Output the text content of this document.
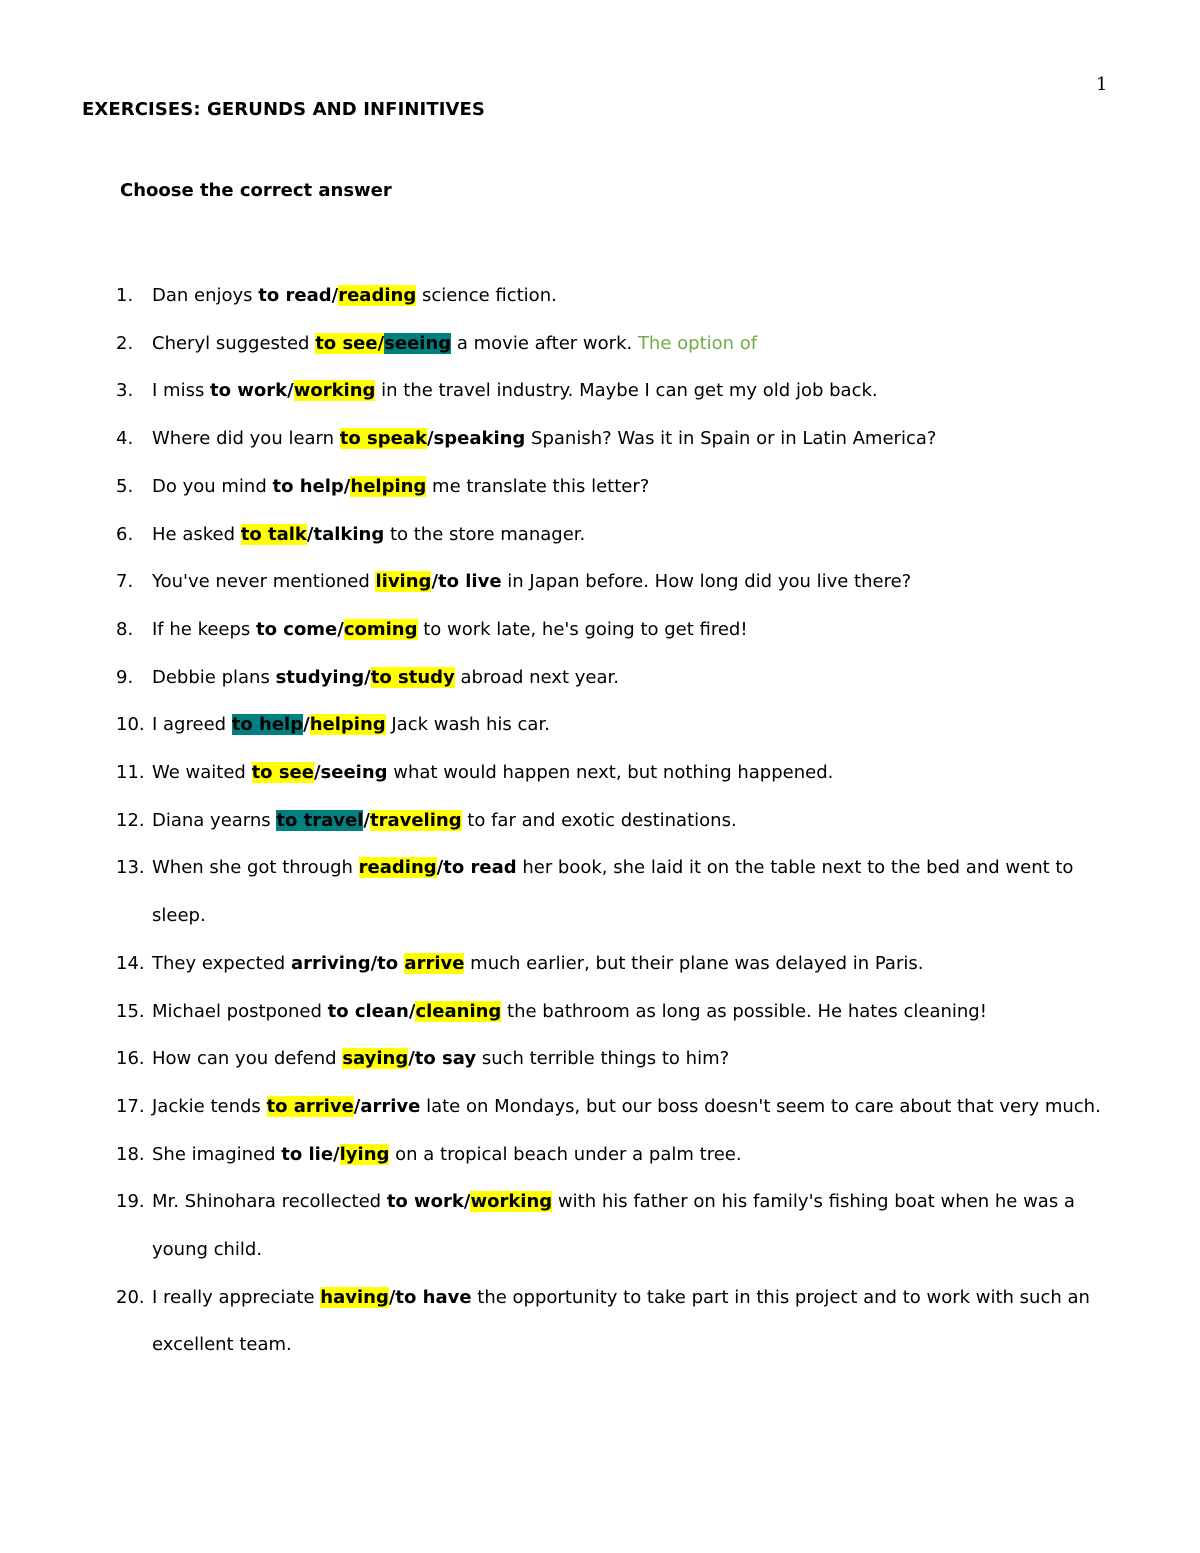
1
EXERCISES: GERUNDS AND INFINITIVES
Choose the correct answer
1. Dan enjoys to read/reading science fiction.
2. Cheryl suggested to see/seeing a movie after work. The option of
3. I miss to work/working in the travel industry. Maybe I can get my old job back.
4. Where did you learn to speak/speaking Spanish? Was it in Spain or in Latin America?
5. Do you mind to help/helping me translate this letter?
6. He asked to talk/talking to the store manager.
7. You've never mentioned living/to live in Japan before. How long did you live there?
8. If he keeps to come/coming to work late, he's going to get fired!
9. Debbie plans studying/to study abroad next year.
10. I agreed to help/helping Jack wash his car.
11. We waited to see/seeing what would happen next, but nothing happened.
12. Diana yearns to travel/traveling to far and exotic destinations.
13. When she got through reading/to read her book, she laid it on the table next to the bed and went to sleep.
14. They expected arriving/to arrive much earlier, but their plane was delayed in Paris.
15. Michael postponed to clean/cleaning the bathroom as long as possible. He hates cleaning!
16. How can you defend saying/to say such terrible things to him?
17. Jackie tends to arrive/arrive late on Mondays, but our boss doesn't seem to care about that very much.
18. She imagined to lie/lying on a tropical beach under a palm tree.
19. Mr. Shinohara recollected to work/working with his father on his family's fishing boat when he was a young child.
20. I really appreciate having/to have the opportunity to take part in this project and to work with such an excellent team.
